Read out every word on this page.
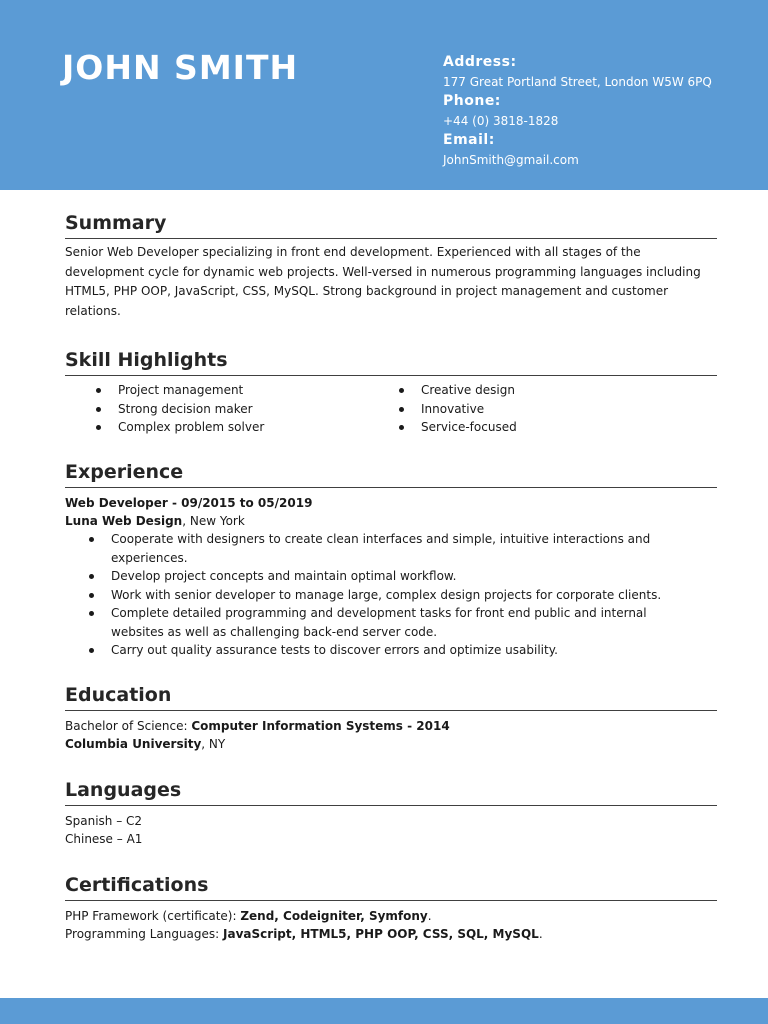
JOHN SMITH	Address:
177 Great Portland Street, London W5W 6PQ
Phone:
+44 (0) 3818-1828
Email:
JohnSmith@gmail.com
Summary

Senior Web Developer specializing in front end development. Experienced with all stages of the development cycle for dynamic web projects. Well-versed in numerous programming languages including HTML5, PHP OOP, JavaScript, CSS, MySQL. Strong background in project management and customer relations.

Skill Highlights
Project management
Strong decision maker
Complex problem solver
Creative design
Innovative
Service-focused
Experience
Web Developer - 09/2015 to 05/2019
Luna Web Design, New York
Cooperate with designers to create clean interfaces and simple, intuitive interactions and experiences.
Develop project concepts and maintain optimal workflow.
Work with senior developer to manage large, complex design projects for corporate clients.
Complete detailed programming and development tasks for front end public and internal websites as well as challenging back-end server code.
Carry out quality assurance tests to discover errors and optimize usability.
Education
Bachelor of Science: Computer Information Systems - 2014
Columbia University, NY
Languages
Spanish – C2
Chinese – A1
Certifications
PHP Framework (certificate): Zend, Codeigniter, Symfony.
Programming Languages: JavaScript, HTML5, PHP OOP, CSS, SQL, MySQL.
